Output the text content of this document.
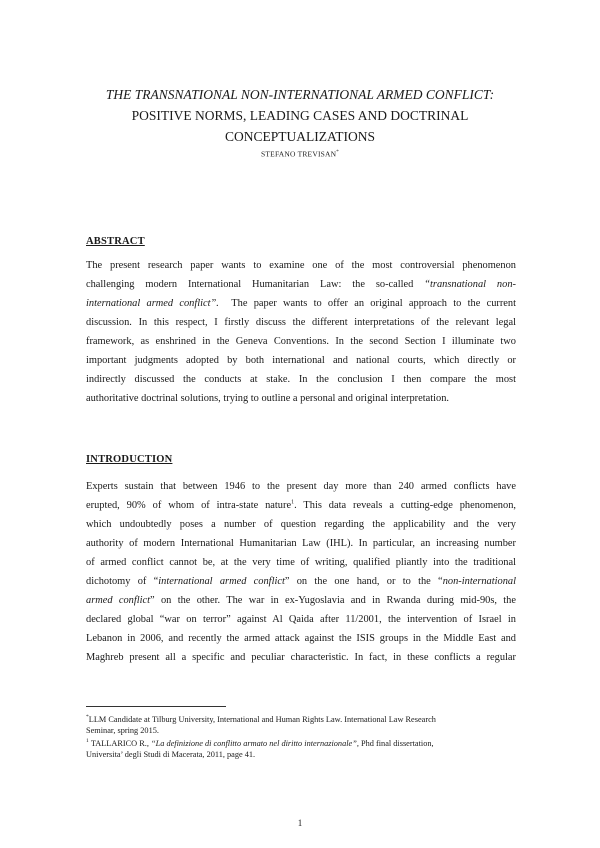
THE TRANSNATIONAL NON-INTERNATIONAL ARMED CONFLICT:
POSITIVE NORMS, LEADING CASES AND DOCTRINAL
CONCEPTUALIZATIONS
STEFANO TREVISAN*
ABSTRACT
The present research paper wants to examine one of the most controversial phenomenon
challenging modern International Humanitarian Law: the so-called “transnational non-
international armed conflict”.  The paper wants to offer an original approach to the current
discussion. In this respect, I firstly discuss the different interpretations of the relevant legal
framework, as enshrined in the Geneva Conventions. In the second Section I illuminate two
important judgments adopted by both international and national courts, which directly or
indirectly discussed the conducts at stake. In the conclusion I then compare the most
authoritative doctrinal solutions, trying to outline a personal and original interpretation.
INTRODUCTION
Experts sustain that between 1946 to the present day more than 240 armed conflicts have
erupted, 90% of whom of intra-state nature$^1$. This data reveals a cutting-edge phenomenon,
which undoubtedly poses a number of question regarding the applicability and the very
authority of modern International Humanitarian Law (IHL). In particular, an increasing number
of armed conflict cannot be, at the very time of writing, qualified pliantly into the traditional
dichotomy of “international armed conflict” on the one hand, or to the “non-international
armed conflict” on the other. The war in ex-Yugoslavia and in Rwanda during mid-90s, the
declared global “war on terror” against Al Qaida after 11/2001, the intervention of Israel in
Lebanon in 2006, and recently the armed attack against the ISIS groups in the Middle East and
Maghreb present all a specific and peculiar characteristic. In fact, in these conflicts a regular
*LLM Candidate at Tilburg University, International and Human Rights Law. International Law Research
Seminar, spring 2015.
$^1$ TALLARICO R., “La definizione di conflitto armato nel diritto internazionale”, Phd final dissertation,
Universita’ degli Studi di Macerata, 2011, page 41.
1
